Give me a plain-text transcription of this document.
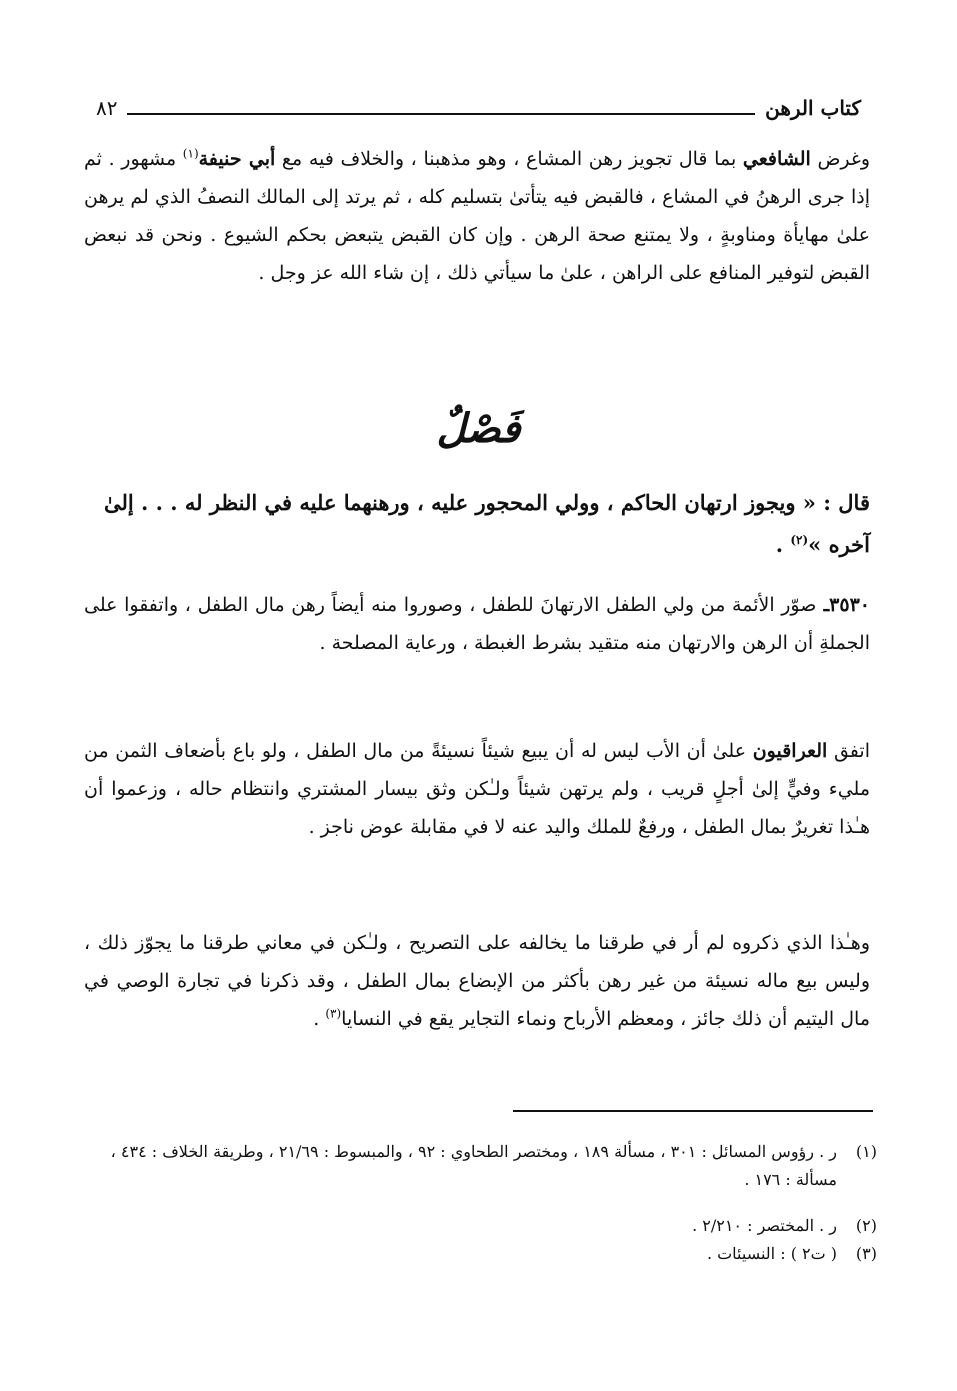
كتاب الرهن
٨٢

وغرض الشافعي بما قال تجويز رهن المشاع ، وهو مذهبنا ، والخلاف فيه مع أبي حنيفة$^{(١)}$ مشهور . ثم إذا جرى الرهنُ في المشاع ، فالقبض فيه يتأتىٰ بتسليم كله ، ثم يرتد إلى المالك النصفُ الذي لم يرهن علىٰ مهايأة ومناوبةٍ ، ولا يمتنع صحة الرهن . وإن كان القبض يتبعض بحكم الشيوع . ونحن قد نبعض القبض لتوفير المنافع على الراهن ، علىٰ ما سيأتي ذلك ، إن شاء الله عز وجل .

فَصْلٌ
قال : « ويجوز ارتهان الحاكم ، وولي المحجور عليه ، ورهنهما عليه في النظر له . . . إلىٰ آخره »$^{(٢)}$ .

٣٥٣٠ـ صوّر الأئمة من ولي الطفل الارتهانَ للطفل ، وصوروا منه أيضاً رهن مال الطفل ، واتفقوا على الجملةِ أن الرهن والارتهان منه متقيد بشرط الغبطة ، ورعاية المصلحة .

اتفق العراقيون علىٰ أن الأب ليس له أن يبيع شيئاً نسيئةً من مال الطفل ، ولو باع بأضعاف الثمن من مليء وفيٍّ إلىٰ أجلٍ قريب ، ولم يرتهن شيئاً ولـٰكن وثق بيسار المشتري وانتظام حاله ، وزعموا أن هـٰذا تغريرٌ بمال الطفل ، ورفعٌ للملك واليد عنه لا في مقابلة عوض ناجز .

وهـٰذا الذي ذكروه لم أر في طرقنا ما يخالفه على التصريح ، ولـٰكن في معاني طرقنا ما يجوّز ذلك ، وليس بيع ماله نسيئة من غير رهن بأكثر من الإبضاع بمال الطفل ، وقد ذكرنا في تجارة الوصي في مال اليتيم أن ذلك جائز ، ومعظم الأرباح ونماء التجاير يقع في النسايا$^{(٣)}$ .

(١)
ر . رؤوس المسائل : ٣٠١ ، مسألة ١٨٩ ، ومختصر الطحاوي : ٩٢ ، والمبسوط : ٢١/٦٩ ، وطريقة الخلاف : ٤٣٤ ، مسألة : ١٧٦ .
(٢)
ر . المختصر : ٢/٢١٠ .
(٣)
( ت٢ ) : النسيئات .
